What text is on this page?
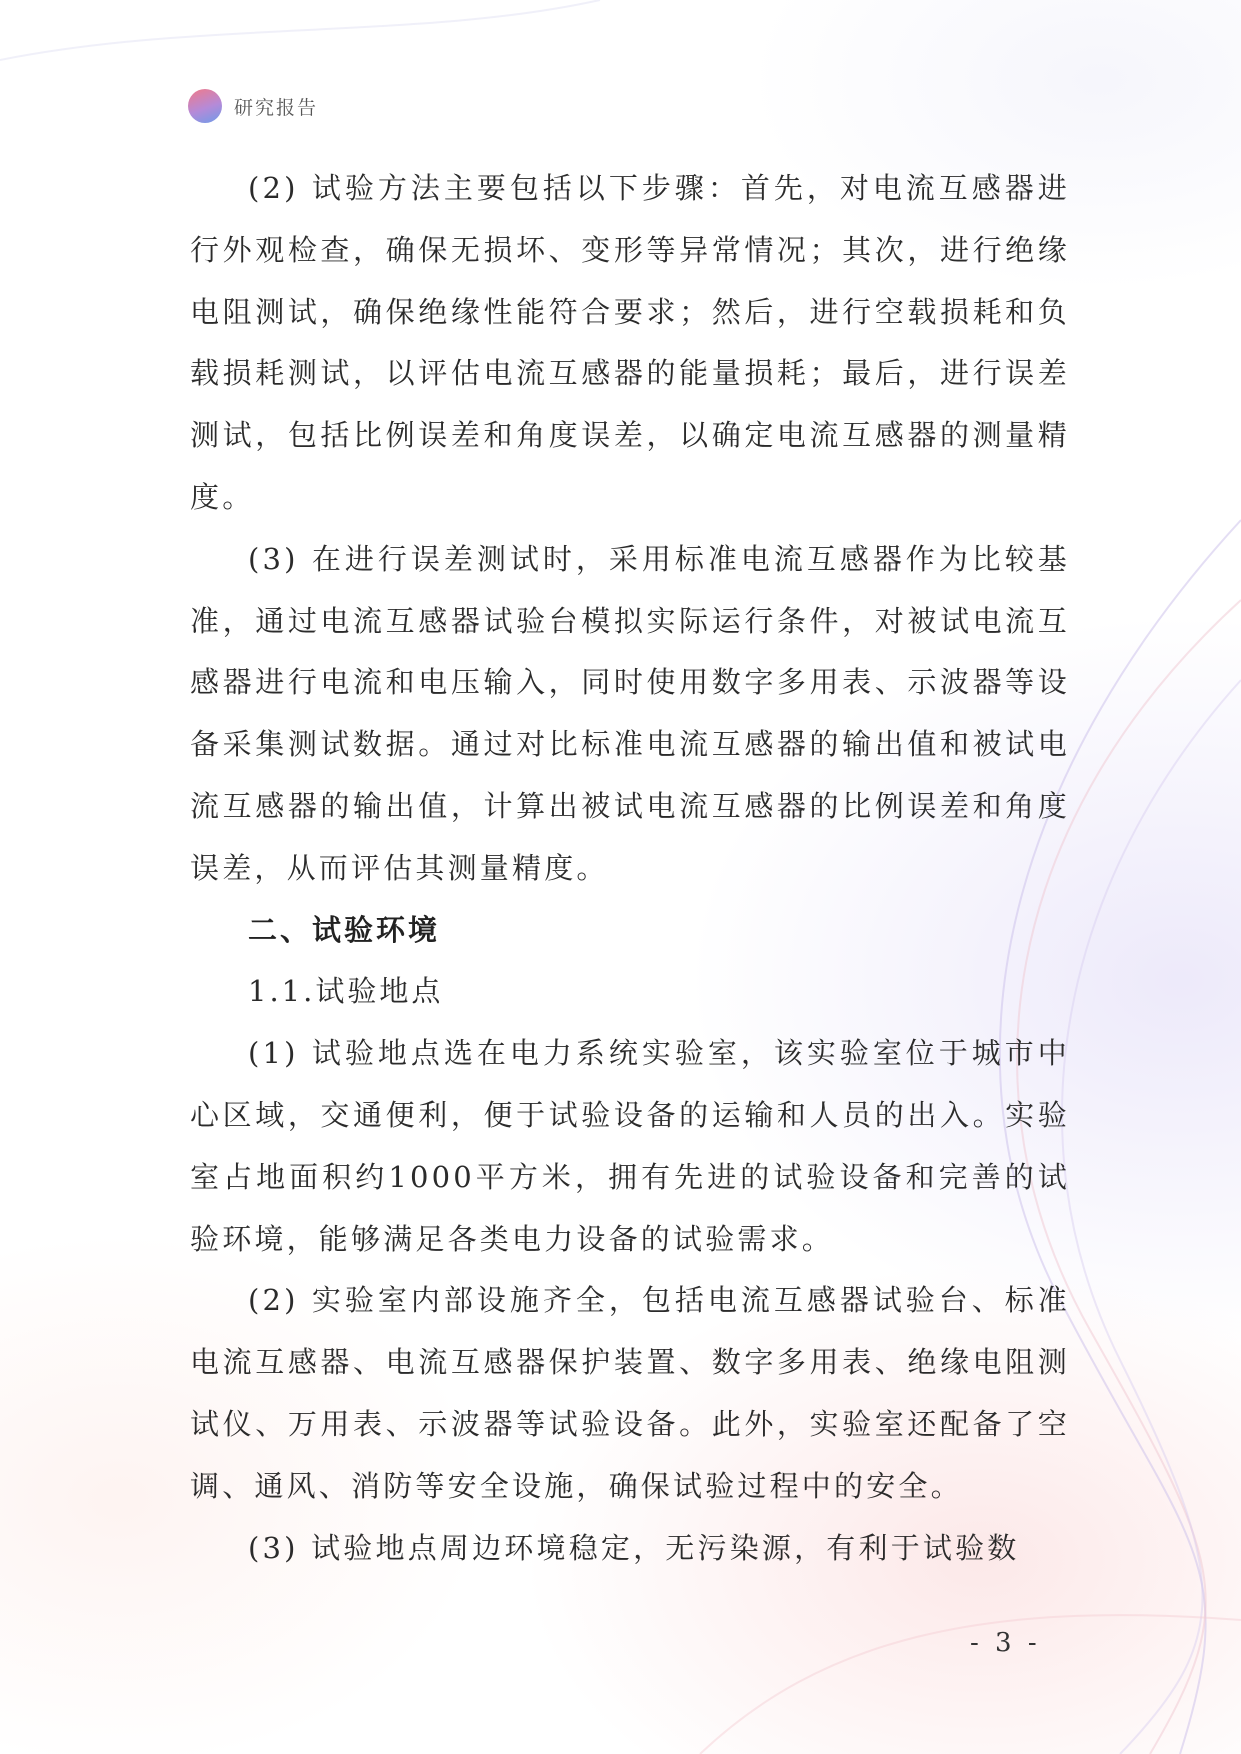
研究报告

(2) 试验方法主要包括以下步骤：首先，对电流互感器进行外观检查，确保无损坏、变形等异常情况；其次，进行绝缘电阻测试，确保绝缘性能符合要求；然后，进行空载损耗和负载损耗测试，以评估电流互感器的能量损耗；最后，进行误差测试，包括比例误差和角度误差，以确定电流互感器的测量精度。

(3) 在进行误差测试时，采用标准电流互感器作为比较基准，通过电流互感器试验台模拟实际运行条件，对被试电流互感器进行电流和电压输入，同时使用数字多用表、示波器等设备采集测试数据。通过对比标准电流互感器的输出值和被试电流互感器的输出值，计算出被试电流互感器的比例误差和角度误差，从而评估其测量精度。

二、试验环境

1.1.试验地点

(1) 试验地点选在电力系统实验室，该实验室位于城市中心区域，交通便利，便于试验设备的运输和人员的出入。实验室占地面积约1000平方米，拥有先进的试验设备和完善的试验环境，能够满足各类电力设备的试验需求。

(2) 实验室内部设施齐全，包括电流互感器试验台、标准电流互感器、电流互感器保护装置、数字多用表、绝缘电阻测试仪、万用表、示波器等试验设备。此外，实验室还配备了空调、通风、消防等安全设施，确保试验过程中的安全。

(3) 试验地点周边环境稳定，无污染源，有利于试验数

- 3 -
